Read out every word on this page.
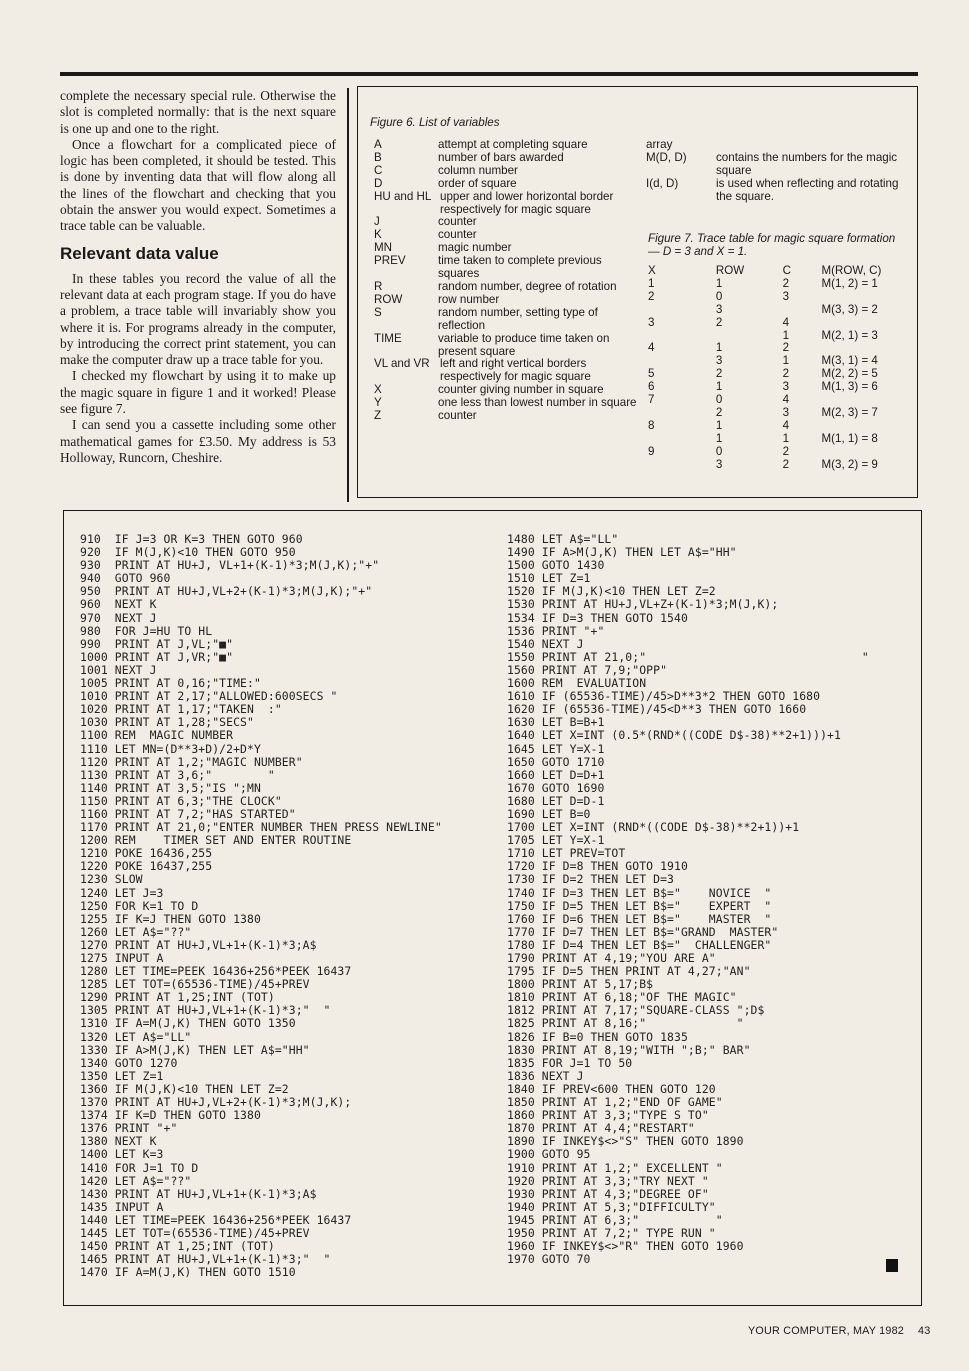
complete the necessary special rule. Otherwise the slot is completed normally: that is the next square is one up and one to the right.

Once a flowchart for a complicated piece of logic has been completed, it should be tested. This is done by inventing data that will flow along all the lines of the flowchart and checking that you obtain the answer you would expect. Sometimes a trace table can be valuable.

Relevant data value

In these tables you record the value of all the relevant data at each program stage. If you do have a problem, a trace table will invariably show you where it is. For programs already in the computer, by introducing the correct print statement, you can make the computer draw up a trace table for you.

I checked my flowchart by using it to make up the magic square in figure 1 and it worked! Please see figure 7.

I can send you a cassette including some other mathematical games for £3.50. My address is 53 Holloway, Runcorn, Cheshire.

Figure 6. List of variables
A	attempt at completing square
B	number of bars awarded
C	column number
D	order of square
HU and HL upper and lower horizontal border respectively for magic square
J	counter
K	counter
MN	magic number
PREV	time taken to complete previous squares
R	random number, degree of rotation
ROW	row number
S	random number, setting type of reflection
TIME	variable to produce time taken on present square
VL and VR left and right vertical borders respectively for magic square
X	counter giving number in square
Y	one less than lowest number in square
Z	counter
array
M(D, D)	contains the numbers for the magic square
I(d, D)	is used when reflecting and rotating the square.
Figure 7. Trace table for magic square formation — D = 3 and X = 1.
X	ROW	C	M(ROW, C)
1	1	2	M(1, 2) = 1
2	0	3	
	3		M(3, 3) = 2
3	2	4	
		1	M(2, 1) = 3
4	1	2	
	3	1	M(3, 1) = 4
5	2	2	M(2, 2) = 5
6	1	3	M(1, 3) = 6
7	0	4	
	2	3	M(2, 3) = 7
8	1	4	
	1	1	M(1, 1) = 8
9	0	2	
	3	2	M(3, 2) = 9
910  IF J=3 OR K=3 THEN GOTO 960
920  IF M(J,K)<10 THEN GOTO 950
930  PRINT AT HU+J, VL+1+(K-1)*3;M(J,K);"+"
940  GOTO 960
950  PRINT AT HU+J,VL+2+(K-1)*3;M(J,K);"+"
960  NEXT K
970  NEXT J
980  FOR J=HU TO HL
990  PRINT AT J,VL;"■"
1000 PRINT AT J,VR;"■"
1001 NEXT J
1005 PRINT AT 0,16;"TIME:"
1010 PRINT AT 2,17;"ALLOWED:600SECS "
1020 PRINT AT 1,17;"TAKEN  :"
1030 PRINT AT 1,28;"SECS"
1100 REM  MAGIC NUMBER
1110 LET MN=(D**3+D)/2+D*Y
1120 PRINT AT 1,2;"MAGIC NUMBER"
1130 PRINT AT 3,6;"        "
1140 PRINT AT 3,5;"IS ";MN
1150 PRINT AT 6,3;"THE CLOCK"
1160 PRINT AT 7,2;"HAS STARTED"
1170 PRINT AT 21,0;"ENTER NUMBER THEN PRESS NEWLINE"
1200 REM    TIMER SET AND ENTER ROUTINE
1210 POKE 16436,255
1220 POKE 16437,255
1230 SLOW
1240 LET J=3
1250 FOR K=1 TO D
1255 IF K=J THEN GOTO 1380
1260 LET A$="??"
1270 PRINT AT HU+J,VL+1+(K-1)*3;A$
1275 INPUT A
1280 LET TIME=PEEK 16436+256*PEEK 16437
1285 LET TOT=(65536-TIME)/45+PREV
1290 PRINT AT 1,25;INT (TOT)
1305 PRINT AT HU+J,VL+1+(K-1)*3;"  "
1310 IF A=M(J,K) THEN GOTO 1350
1320 LET A$="LL"
1330 IF A>M(J,K) THEN LET A$="HH"
1340 GOTO 1270
1350 LET Z=1
1360 IF M(J,K)<10 THEN LET Z=2
1370 PRINT AT HU+J,VL+2+(K-1)*3;M(J,K);
1374 IF K=D THEN GOTO 1380
1376 PRINT "+"
1380 NEXT K
1400 LET K=3
1410 FOR J=1 TO D
1420 LET A$="??"
1430 PRINT AT HU+J,VL+1+(K-1)*3;A$
1435 INPUT A
1440 LET TIME=PEEK 16436+256*PEEK 16437
1445 LET TOT=(65536-TIME)/45+PREV
1450 PRINT AT 1,25;INT (TOT)
1465 PRINT AT HU+J,VL+1+(K-1)*3;"  "
1470 IF A=M(J,K) THEN GOTO 1510
1480 LET A$="LL"
1490 IF A>M(J,K) THEN LET A$="HH"
1500 GOTO 1430
1510 LET Z=1
1520 IF M(J,K)<10 THEN LET Z=2
1530 PRINT AT HU+J,VL+Z+(K-1)*3;M(J,K);
1534 IF D=3 THEN GOTO 1540
1536 PRINT "+"
1540 NEXT J
1550 PRINT AT 21,0;"                               "
1560 PRINT AT 7,9;"OPP"
1600 REM  EVALUATION
1610 IF (65536-TIME)/45>D**3*2 THEN GOTO 1680
1620 IF (65536-TIME)/45<D**3 THEN GOTO 1660
1630 LET B=B+1
1640 LET X=INT (0.5*(RND*((CODE D$-38)**2+1)))+1
1645 LET Y=X-1
1650 GOTO 1710
1660 LET D=D+1
1670 GOTO 1690
1680 LET D=D-1
1690 LET B=0
1700 LET X=INT (RND*((CODE D$-38)**2+1))+1
1705 LET Y=X-1
1710 LET PREV=TOT
1720 IF D=8 THEN GOTO 1910
1730 IF D=2 THEN LET D=3
1740 IF D=3 THEN LET B$="    NOVICE  "
1750 IF D=5 THEN LET B$="    EXPERT  "
1760 IF D=6 THEN LET B$="    MASTER  "
1770 IF D=7 THEN LET B$="GRAND  MASTER"
1780 IF D=4 THEN LET B$="  CHALLENGER"
1790 PRINT AT 4,19;"YOU ARE A"
1795 IF D=5 THEN PRINT AT 4,27;"AN"
1800 PRINT AT 5,17;B$
1810 PRINT AT 6,18;"OF THE MAGIC"
1812 PRINT AT 7,17;"SQUARE-CLASS ";D$
1825 PRINT AT 8,16;"             "
1826 IF B=0 THEN GOTO 1835
1830 PRINT AT 8,19;"WITH ";B;" BAR"
1835 FOR J=1 TO 50
1836 NEXT J
1840 IF PREV<600 THEN GOTO 120
1850 PRINT AT 1,2;"END OF GAME"
1860 PRINT AT 3,3;"TYPE S TO"
1870 PRINT AT 4,4;"RESTART"
1890 IF INKEY$<>"S" THEN GOTO 1890
1900 GOTO 95
1910 PRINT AT 1,2;" EXCELLENT "
1920 PRINT AT 3,3;"TRY NEXT "
1930 PRINT AT 4,3;"DEGREE OF"
1940 PRINT AT 5,3;"DIFFICULTY"
1945 PRINT AT 6,3;"           "
1950 PRINT AT 7,2;" TYPE RUN "
1960 IF INKEY$<>"R" THEN GOTO 1960
1970 GOTO 70
YOUR COMPUTER, MAY 1982 43
